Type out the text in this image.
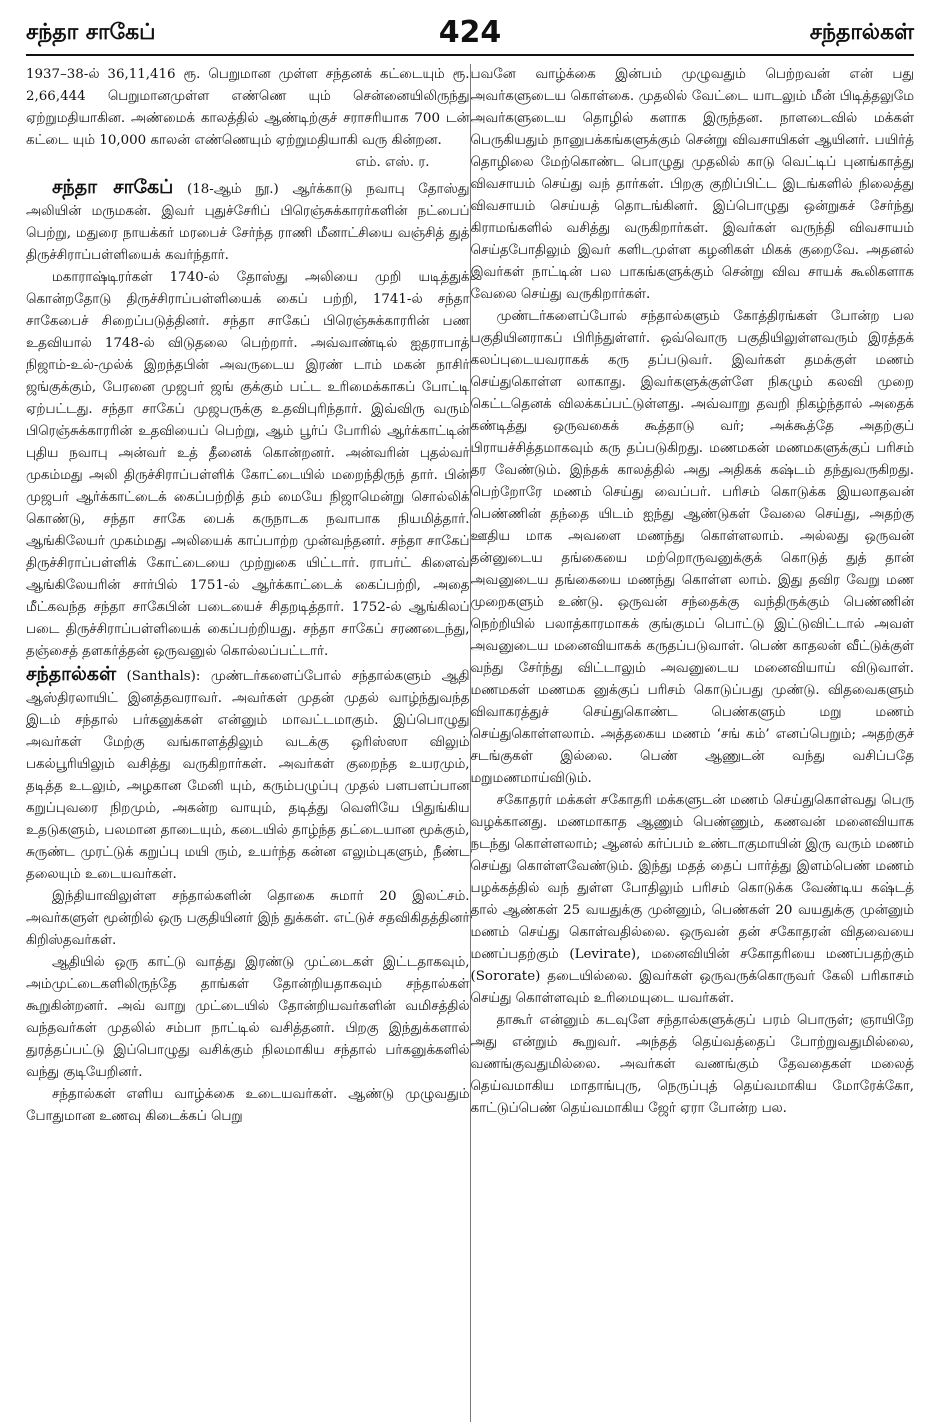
சந்தா சாகேப்	424	சந்தால்கள்

1937–38-ல் 36,11,416 ரூ. பெறுமான முள்ள சந்தனக் கட்டையும் ரூ. 2,66,444 பெறுமானமுள்ள எண்ணெ யும் சென்னையிலிருந்து ஏற்றுமதியாகின. அண்மைக் காலத்தில் ஆண்டிற்குச் சராசரியாக 700 டன் கட்டை யும் 10,000 காலன் எண்ணெயும் ஏற்றுமதியாகி வரு கின்றன.

எம். எஸ். ர.

சந்தா சாகேப் (18-ஆம் நூ.) ஆர்க்காடு நவாபு தோஸ்து அலியின் மருமகன். இவர் புதுச்சேரிப் பிரெஞ்சுக்காரர்களின் நட்பைப் பெற்று, மதுரை நாயக்கர் மரபைச் சேர்ந்த ராணி மீனாட்சியை வஞ்சித் துத் திருச்சிராப்பள்ளியைக் கவர்ந்தார்.

மகாராஷ்டிரர்கள் 1740-ல் தோஸ்து அலியை முறி யடித்துக் கொன்றதோடு திருச்சிராப்பள்ளியைக் கைப் பற்றி, 1741-ல் சந்தா சாகேபைச் சிறைப்படுத்தினர். சந்தா சாகேப் பிரெஞ்சுக்காரரின் பண உதவியால் 1748-ல் விடுதலை பெற்றார். அவ்வாண்டில் ஐதராபாத் நிஜாம்-உல்-முல்க் இறந்தபின் அவருடைய இரண் டாம் மகன் நாசிர் ஜங்குக்கும், பேரனை முஜபர் ஜங் குக்கும் பட்ட உரிமைக்காகப் போட்டி ஏற்பட்டது. சந்தா சாகேப் முஜபருக்கு உதவிபுரிந்தார். இவ்விரு வரும் பிரெஞ்சுக்காரரின் உதவியைப் பெற்று, ஆம் பூர்ப் போரில் ஆர்க்காட்டின் புதிய நவாபு அன்வர் உத் தீனைக் கொன்றனர். அன்வரின் புதல்வர் முகம்மது அலி திருச்சிராப்பள்ளிக் கோட்டையில் மறைந்திருந் தார். பின் முஜபர் ஆர்க்காட்டைக் கைப்பற்றித் தம் மையே நிஜாமென்று சொல்லிக் கொண்டு, சந்தா சாகே பைக் கருநாடக நவாபாக நியமித்தார். ஆங்கிலேயர் முகம்மது அலியைக் காப்பாற்ற முன்வந்தனர். சந்தா சாகேப் திருச்சிராப்பள்ளிக் கோட்டையை முற்றுகை யிட்டார். ராபர்ட் கிளைவ் ஆங்கிலேயரின் சார்பில் 1751-ல் ஆர்க்காட்டைக் கைப்பற்றி, அதை மீட்கவந்த சந்தா சாகேபின் படையைச் சிதறடித்தார். 1752-ல் ஆங்கிலப் படை திருச்சிராப்பள்ளியைக் கைப்பற்றியது. சந்தா சாகேப் சரணடைந்து, தஞ்சைத் தளகர்த்தன் ஒருவனுல் கொல்லப்பட்டார்.

சந்தால்கள் (Santhals): முண்டர்களைப்போல் சந்தால்களும் ஆதி ஆஸ்திரலாயிட் இனத்தவராவர். அவர்கள் முதன் முதல் வாழ்ந்துவந்த இடம் சந்தால் பர்கனுக்கள் என்னும் மாவட்டமாகும். இப்பொழுது அவர்கள் மேற்கு வங்காளத்திலும் வடக்கு ஒரிஸ்ஸா விலும் பகல்பூரியிலும் வசித்து வருகிறார்கள். அவர்கள் குறைந்த உயரமும், தடித்த உடலும், அழகான மேனி யும், கரும்பழுப்பு முதல் பளபளப்பான கறுப்புவரை நிறமும், அகன்ற வாயும், தடித்து வெளியே பிதுங்கிய உதடுகளும், பலமான தாடையும், கடையில் தாழ்ந்த தட்டையான மூக்கும், சுருண்ட முரட்டுக் கறுப்பு மயி ரும், உயர்ந்த கன்ன எலும்புகளும், நீண்ட தலையும் உடையவர்கள்.

இந்தியாவிலுள்ள சந்தால்களின் தொகை சுமார் 20 இலட்சம். அவர்களுள் மூன்றில் ஒரு பகுதியினர் இந் துக்கள். எட்டுச் சதவிகிதத்தினர் கிறிஸ்தவர்கள்.

ஆதியில் ஒரு காட்டு வாத்து இரண்டு முட்டைகள் இட்டதாகவும், அம்முட்டைகளிலிருந்தே தாங்கள் தோன்றியதாகவும் சந்தால்கள் கூறுகின்றனர். அவ் வாறு முட்டையில் தோன்றியவர்களின் வமிசத்தில் வந்தவர்கள் முதலில் சம்பா நாட்டில் வசித்தனர். பிறகு இந்துக்களால் துரத்தப்பட்டு இப்பொழுது வசிக்கும் நிலமாகிய சந்தால் பர்கனுக்களில் வந்து குடியேறினர்.

சந்தால்கள் எளிய வாழ்க்கை உடையவர்கள். ஆண்டு முழுவதும் போதுமான உணவு கிடைக்கப் பெறு

பவனே வாழ்க்கை இன்பம் முழுவதும் பெற்றவன் என் பது அவர்களுடைய கொள்கை. முதலில் வேட்டை யாடலும் மீன் பிடித்தலுமே அவர்களுடைய தொழில் களாக இருந்தன. நாளடைவில் மக்கள் பெருகியதும் நானுபக்கங்களுக்கும் சென்று விவசாயிகள் ஆயினர். பயிர்த் தொழிலை மேற்கொண்ட பொழுது முதலில் காடு வெட்டிப் புனங்காத்து விவசாயம் செய்து வந் தார்கள். பிறகு குறிப்பிட்ட இடங்களில் நிலைத்து விவசாயம் செய்யத் தொடங்கினர். இப்பொழுது ஒன்றுகச் சேர்ந்து கிராமங்களில் வசித்து வருகிறார்கள். இவர்கள் வருந்தி விவசாயம் செய்தபோதிலும் இவர் களிடமுள்ள கழனிகள் மிகக் குறைவே. அதனல் இவர்கள் நாட்டின் பல பாகங்களுக்கும் சென்று விவ சாயக் கூலிகளாக வேலை செய்து வருகிறார்கள்.

முண்டர்களைப்போல் சந்தால்களும் கோத்திரங்கள் போன்ற பல பகுதியினராகப் பிரிந்துள்ளர். ஒவ்வொரு பகுதியிலுள்ளவரும் இரத்தக் கலப்புடையவராகக் கரு தப்படுவர். இவர்கள் தமக்குள் மணம் செய்துகொள்ள லாகாது. இவர்களுக்குள்ளே நிகழும் கலவி முறை கெட்டதெனக் விலக்கப்பட்டுள்ளது. அவ்வாறு தவறி நிகழ்ந்தால் அதைக் கண்டித்து ஒருவகைக் கூத்தாடு வர்; அக்கூத்தே அதற்குப் பிராயச்சித்தமாகவும் கரு தப்படுகிறது. மணமகன் மணமகளுக்குப் பரிசம் தர வேண்டும். இந்தக் காலத்தில் அது அதிகக் கஷ்டம் தந்துவருகிறது. பெற்றோரே மணம் செய்து வைப்பர். பரிசம் கொடுக்க இயலாதவன் பெண்ணின் தந்தை யிடம் ஐந்து ஆண்டுகள் வேலை செய்து, அதற்கு ஊதிய மாக அவளை மணந்து கொள்ளலாம். அல்லது ஒருவன் தன்னுடைய தங்கையை மற்றொருவனுக்குக் கொடுத் துத் தான் அவனுடைய தங்கையை மணந்து கொள்ள லாம். இது தவிர வேறு மண முறைகளும் உண்டு. ஒருவன் சந்தைக்கு வந்திருக்கும் பெண்ணின் நெற்றியில் பலாத்காரமாகக் குங்குமப் பொட்டு இட்டுவிட்டால் அவள் அவனுடைய மனைவியாகக் கருதப்படுவாள். பெண் காதலன் வீட்டுக்குள் வந்து சேர்ந்து விட்டாலும் அவனுடைய மனைவியாய் விடுவாள். மணமகள் மணமக னுக்குப் பரிசம் கொடுப்பது முண்டு. விதவைகளும் விவாகரத்துச் செய்துகொண்ட பெண்களும் மறு மணம் செய்துகொள்ளலாம். அத்தகைய மணம் ‘சங் கம்’ எனப்பெறும்; அதற்குச் சடங்குகள் இல்லை. பெண் ஆணுடன் வந்து வசிப்பதே மறுமணமாய்விடும்.

சகோதரர் மக்கள் சகோதரி மக்களுடன் மணம் செய்துகொள்வது பெரு வழக்கானது. மணமாகாத ஆணும் பெண்ணும், கணவன் மனைவியாக நடந்து கொள்ளலாம்; ஆனல் கர்ப்பம் உண்டாகுமாயின் இரு வரும் மணம் செய்து கொள்ளவேண்டும். இந்து மதத் தைப் பார்த்து இளம்பெண் மணம் பழக்கத்தில் வந் துள்ள போதிலும் பரிசம் கொடுக்க வேண்டிய கஷ்டத் தால் ஆண்கள் 25 வயதுக்கு முன்னும், பெண்கள் 20 வயதுக்கு முன்னும் மணம் செய்து கொள்வதில்லை. ஒருவன் தன் சகோதரன் விதவையை மணப்பதற்கும் (Levirate), மனைவியின் சகோதரியை மணப்பதற்கும் (Sororate) தடையில்லை. இவர்கள் ஒருவருக்கொருவர் கேலி பரிகாசம் செய்து கொள்ளவும் உரிமையுடை யவர்கள்.

தாகூர் என்னும் கடவுளே சந்தால்களுக்குப் பரம் பொருள்; ஞாயிறே அது என்றும் கூறுவர். அந்தத் தெய்வத்தைப் போற்றுவதுமில்லை, வணங்குவதுமில்லை. அவர்கள் வணங்கும் தேவதைகள் மலைத் தெய்வமாகிய மாதாங்புரு, நெருப்புத் தெய்வமாகிய மோரேக்கோ, காட்டுப்பெண் தெய்வமாகிய ஜேர் ஏரா போன்ற பல.
